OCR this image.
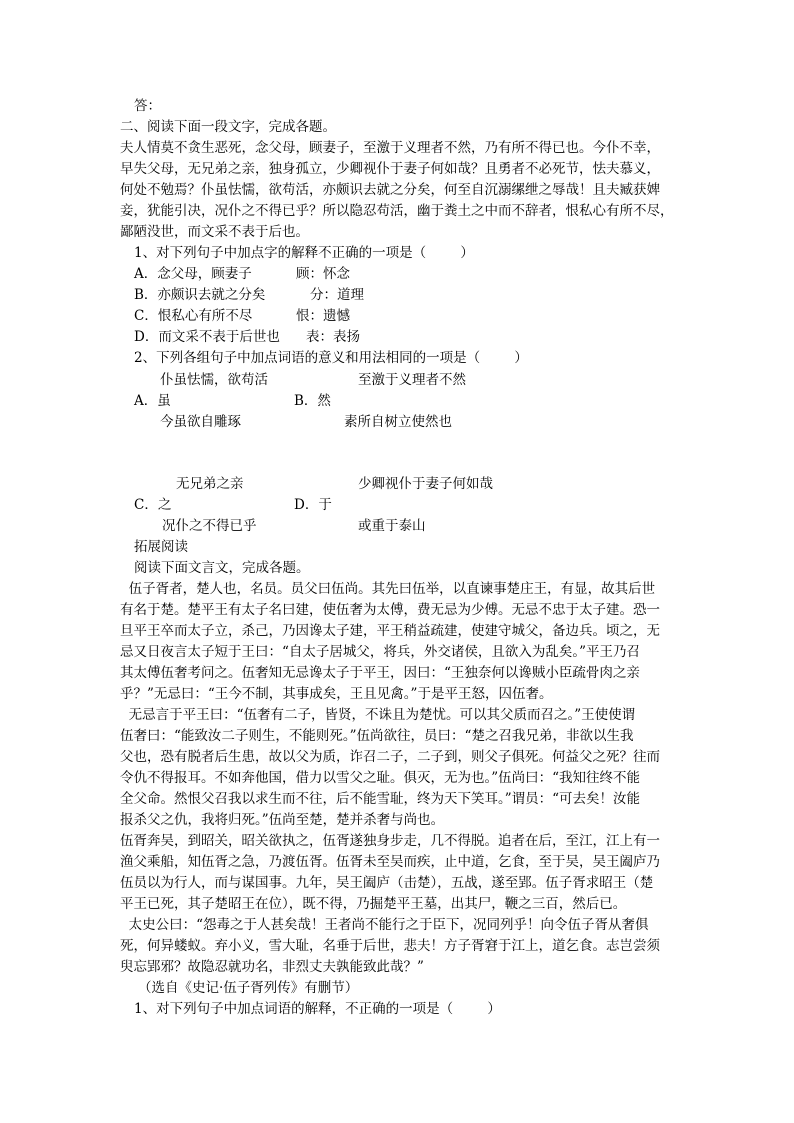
答：
二、阅读下面一段文字，完成各题。
夫人情莫不贪生恶死，念父母，顾妻子，至激于义理者不然，乃有所不得已也。今仆不幸，
早失父母，无兄弟之亲，独身孤立，少卿视仆于妻子何如哉？且勇者不必死节，怯夫慕义，
何处不勉焉？仆虽怯懦，欲苟活，亦颇识去就之分矣，何至自沉溺缧绁之辱哉！且夫臧获婢
妾，犹能引决，况仆之不得已乎？所以隐忍苟活，幽于粪土之中而不辞者，恨私心有所不尽，
鄙陋没世，而文采不表于后也。
1、对下列句子中加点字的解释不正确的一项是（        ）
A．念父母，顾妻子	顾：怀念
B．亦颇识去就之分矣	分：道理
C．恨私心有所不尽	恨：遗憾
D．而文采不表于后世也 表：表扬
2、下列各组句子中加点词语的意义和用法相同的一项是（        ）
仆虽怯懦，欲苟活	至激于义理者不然
A．虽	B．然
今虽欲自雕琢	素所自树立使然也
无兄弟之亲	少卿视仆于妻子何如哉
C．之	D．于
况仆之不得已乎	或重于泰山
拓展阅读
阅读下面文言文，完成各题。
伍子胥者，楚人也，名员。员父曰伍尚。其先曰伍举，以直谏事楚庄王，有显，故其后世
有名于楚。楚平王有太子名曰建，使伍奢为太傅，费无忌为少傅。无忌不忠于太子建。恐一
旦平王卒而太子立，杀己，乃因谗太子建，平王稍益疏建，使建守城父，备边兵。顷之，无
忌又日夜言太子短于王曰：“自太子居城父，将兵，外交诸侯，且欲入为乱矣。”平王乃召
其太傅伍奢考问之。伍奢知无忌谗太子于平王，因曰：“王独奈何以谗贼小臣疏骨肉之亲
乎？”无忌曰：“王今不制，其事成矣，王且见禽。”于是平王怒，囚伍奢。
无忌言于平王曰：“伍奢有二子，皆贤，不诛且为楚忧。可以其父质而召之。”王使使谓
伍奢曰：“能致汝二子则生，不能则死。”伍尚欲往，员曰：“楚之召我兄弟，非欲以生我
父也，恐有脱者后生患，故以父为质，诈召二子，二子到，则父子俱死。何益父之死？往而
令仇不得报耳。不如奔他国，借力以雪父之耻。俱灭，无为也。”伍尚曰：“我知往终不能
全父命。然恨父召我以求生而不往，后不能雪耻，终为天下笑耳。”谓员：“可去矣！汝能
报杀父之仇，我将归死。”伍尚至楚，楚并杀奢与尚也。
伍胥奔吴，到昭关，昭关欲执之，伍胥遂独身步走，几不得脱。追者在后，至江，江上有一
渔父乘船，知伍胥之急，乃渡伍胥。伍胥未至吴而疾，止中道，乞食，至于吴，吴王阖庐乃
伍员以为行人，而与谋国事。九年，吴王阖庐（击楚），五战，遂至郢。伍子胥求昭王（楚
平王已死，其子楚昭王在位），既不得，乃掘楚平王墓，出其尸，鞭之三百，然后已。
太史公曰：“怨毒之于人甚矣哉！王者尚不能行之于臣下，况同列乎！向令伍子胥从奢俱
死，何异蝼蚁。弃小义，雪大耻，名垂于后世，悲夫！方子胥窘于江上，道乞食。志岂尝须
臾忘郢邪？故隐忍就功名，非烈丈夫孰能致此哉？”
（选自《史记·伍子胥列传》有删节）
1、对下列句子中加点词语的解释，不正确的一项是（        ）
